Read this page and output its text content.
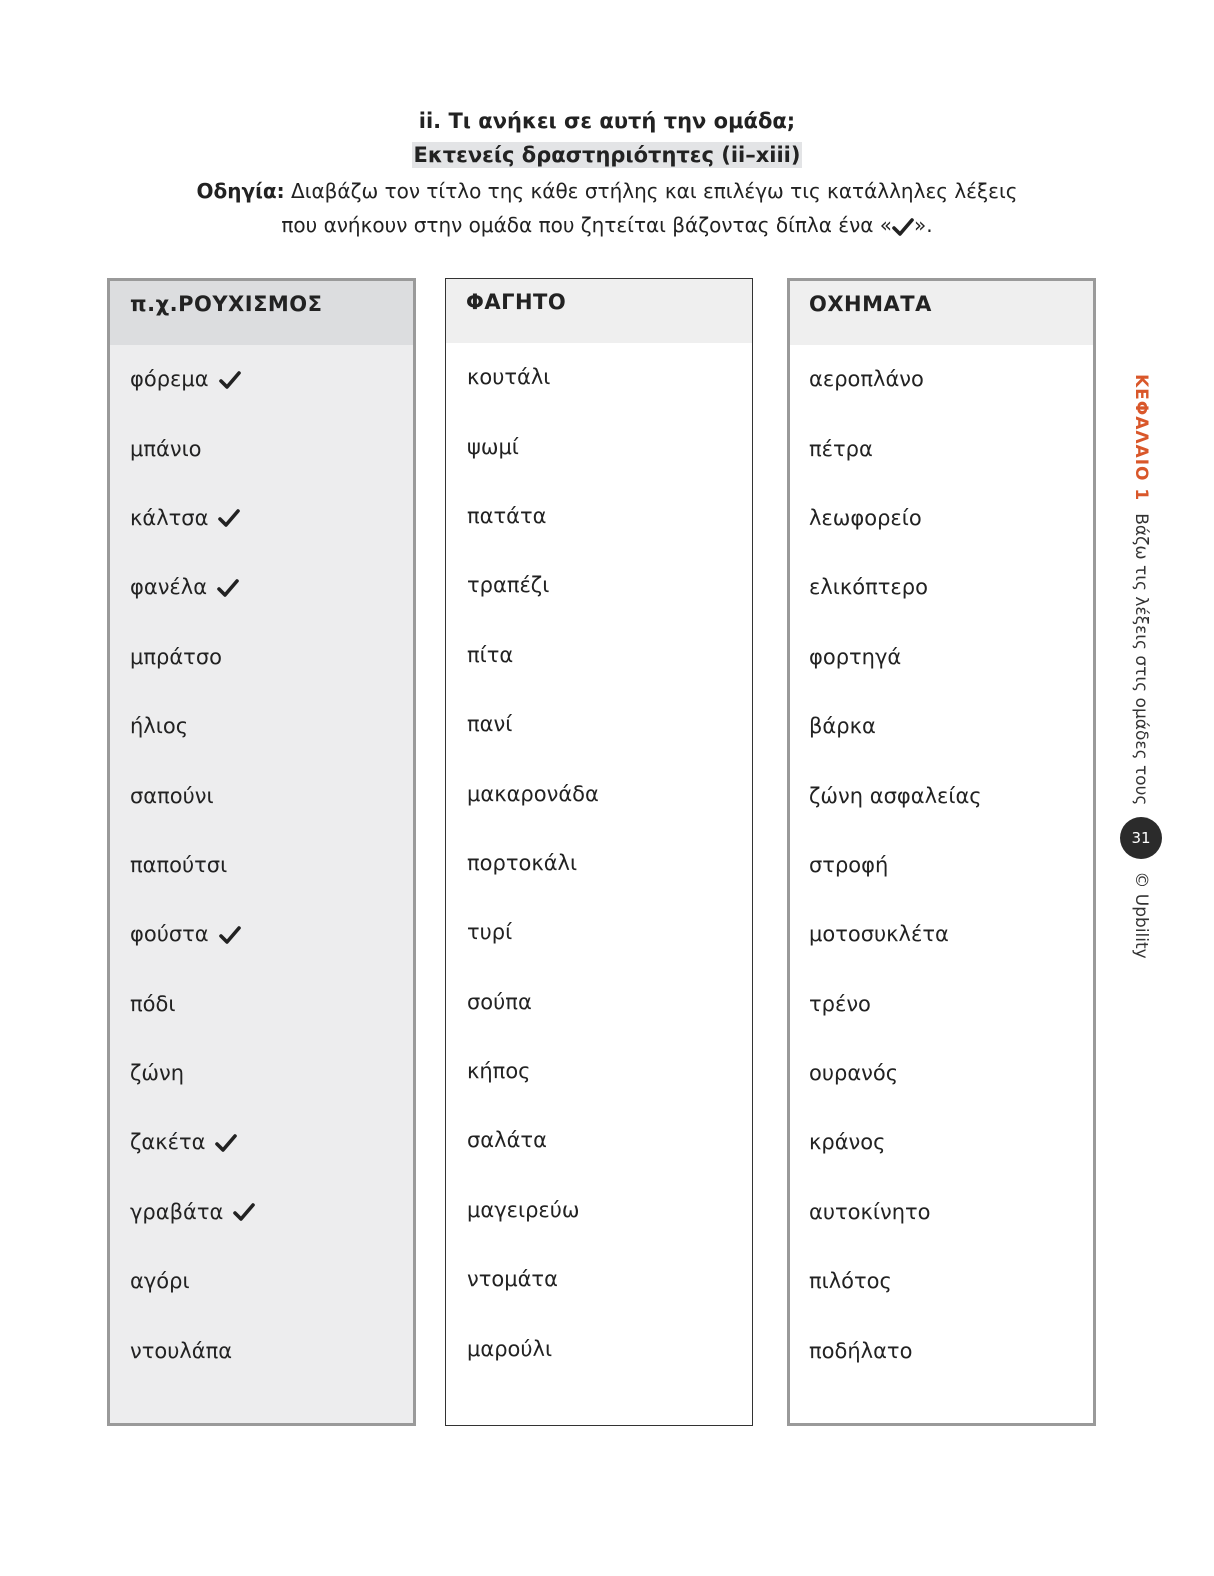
ii. Τι ανήκει σε αυτή την ομάδα;
Εκτενείς δραστηριότητες (ii–xiii)
Οδηγία: Διαβάζω τον τίτλο της κάθε στήλης και επιλέγω τις κατάλληλες λέξεις
που ανήκουν στην ομάδα που ζητείται βάζοντας δίπλα ένα « ».
π.χ.ΡΟΥΧΙΣΜΟΣ
φόρεμα
μπάνιο
κάλτσα
φανέλα
μπράτσο
ήλιος
σαπούνι
παπούτσι
φούστα
πόδι
ζώνη
ζακέτα
γραβάτα
αγόρι
ντουλάπα
ΦΑΓΗΤΟ
κουτάλι
ψωμί
πατάτα
τραπέζι
πίτα
πανί
μακαρονάδα
πορτοκάλι
τυρί
σούπα
κήπος
σαλάτα
μαγειρεύω
ντομάτα
μαρούλι
ΟΧΗΜΑΤΑ
αεροπλάνο
πέτρα
λεωφορείο
ελικόπτερο
φορτηγά
βάρκα
ζώνη ασφαλείας
στροφή
μοτοσυκλέτα
τρένο
ουρανός
κράνος
αυτοκίνητο
πιλότος
ποδήλατο
ΚΕΦΑΛΑΙΟ 1
Βάζω τις λέξεις στις ομάδες τους
31
© Upbility
